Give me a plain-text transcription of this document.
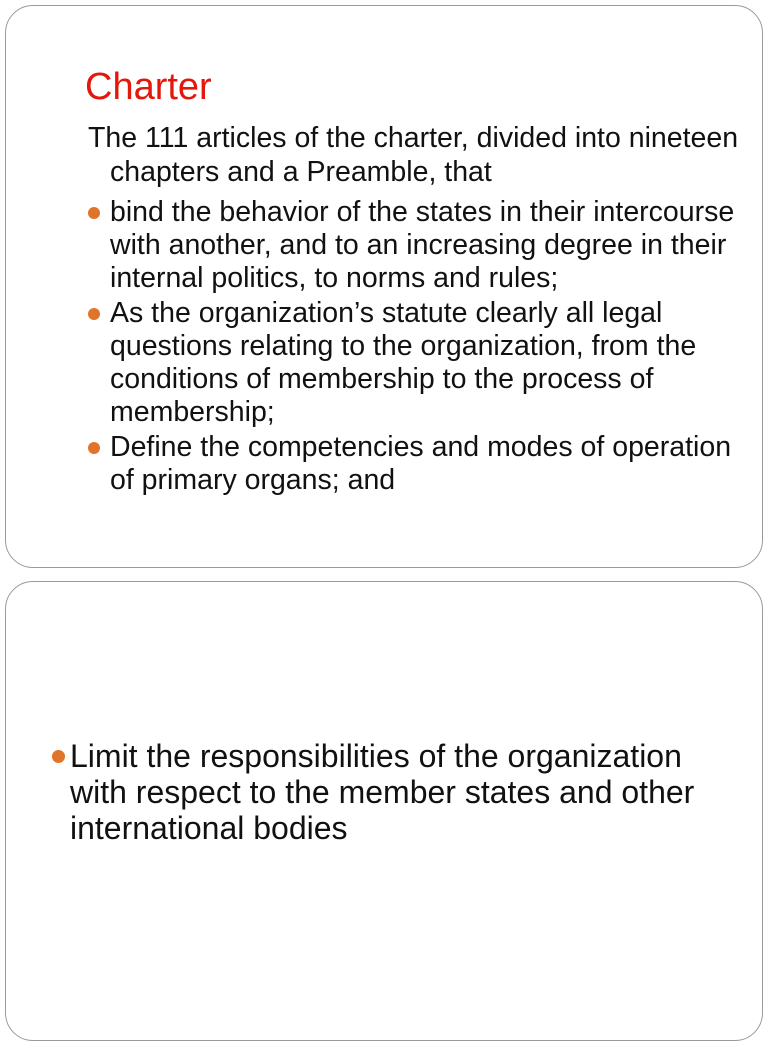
Charter

The 111 articles of the charter, divided into nineteen chapters and a Preamble, that

bind the behavior of the states in their intercourse with another, and to an increasing degree in their internal politics, to norms and rules;
As the organization’s statute clearly all legal questions relating to the organization, from the conditions of membership to the process of membership;
Define the competencies and modes of operation of primary organs; and
Limit the responsibilities of the organization with respect to the member states and other international bodies
